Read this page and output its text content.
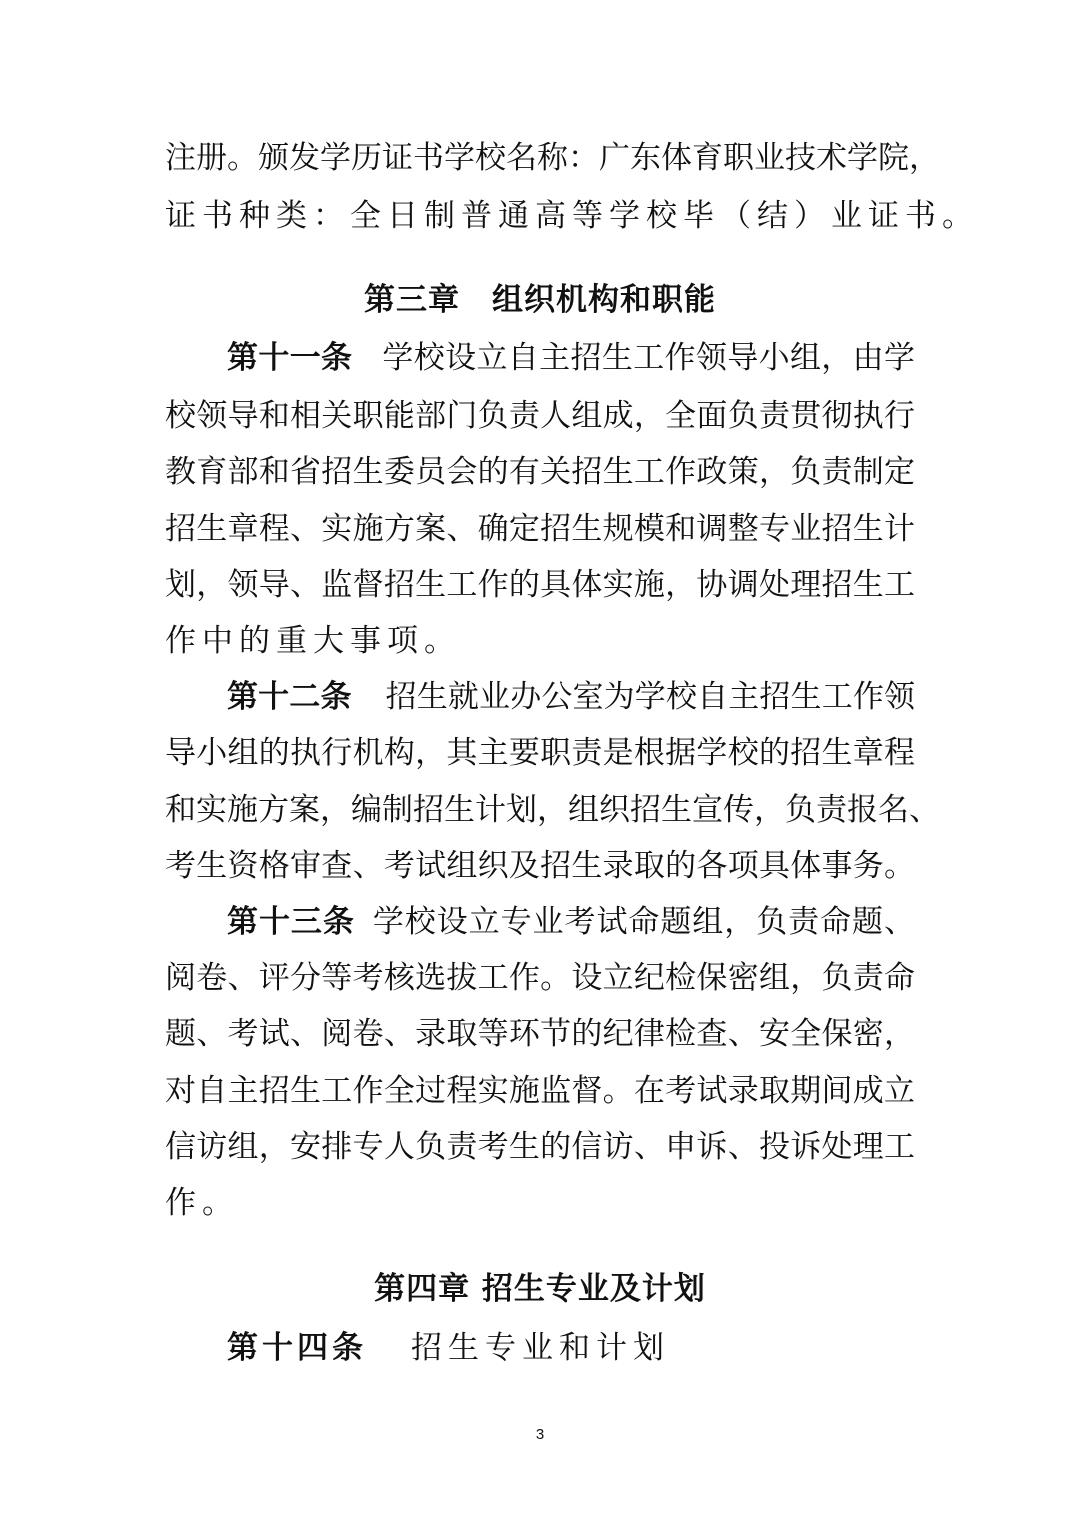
注册。颁发学历证书学校名称：广东体育职业技术学院，
证书种类：全日制普通高等学校毕（结）业证书。
第三章　组织机构和职能
第十一条 学校设立自主招生工作领导小组，由学
校领导和相关职能部门负责人组成，全面负责贯彻执行
教育部和省招生委员会的有关招生工作政策，负责制定
招生章程、实施方案、确定招生规模和调整专业招生计
划，领导、监督招生工作的具体实施，协调处理招生工
作中的重大事项。
第十二条 招生就业办公室为学校自主招生工作领
导小组的执行机构，其主要职责是根据学校的招生章程
和实施方案，编制招生计划，组织招生宣传，负责报名、
考生资格审查、考试组织及招生录取的各项具体事务。
第十三条 学校设立专业考试命题组，负责命题、
阅卷、评分等考核选拔工作。设立纪检保密组，负责命
题、考试、阅卷、录取等环节的纪律检查、安全保密，
对自主招生工作全过程实施监督。在考试录取期间成立
信访组，安排专人负责考生的信访、申诉、投诉处理工
作。
第四章 招生专业及计划
第十四条 招生专业和计划
3
